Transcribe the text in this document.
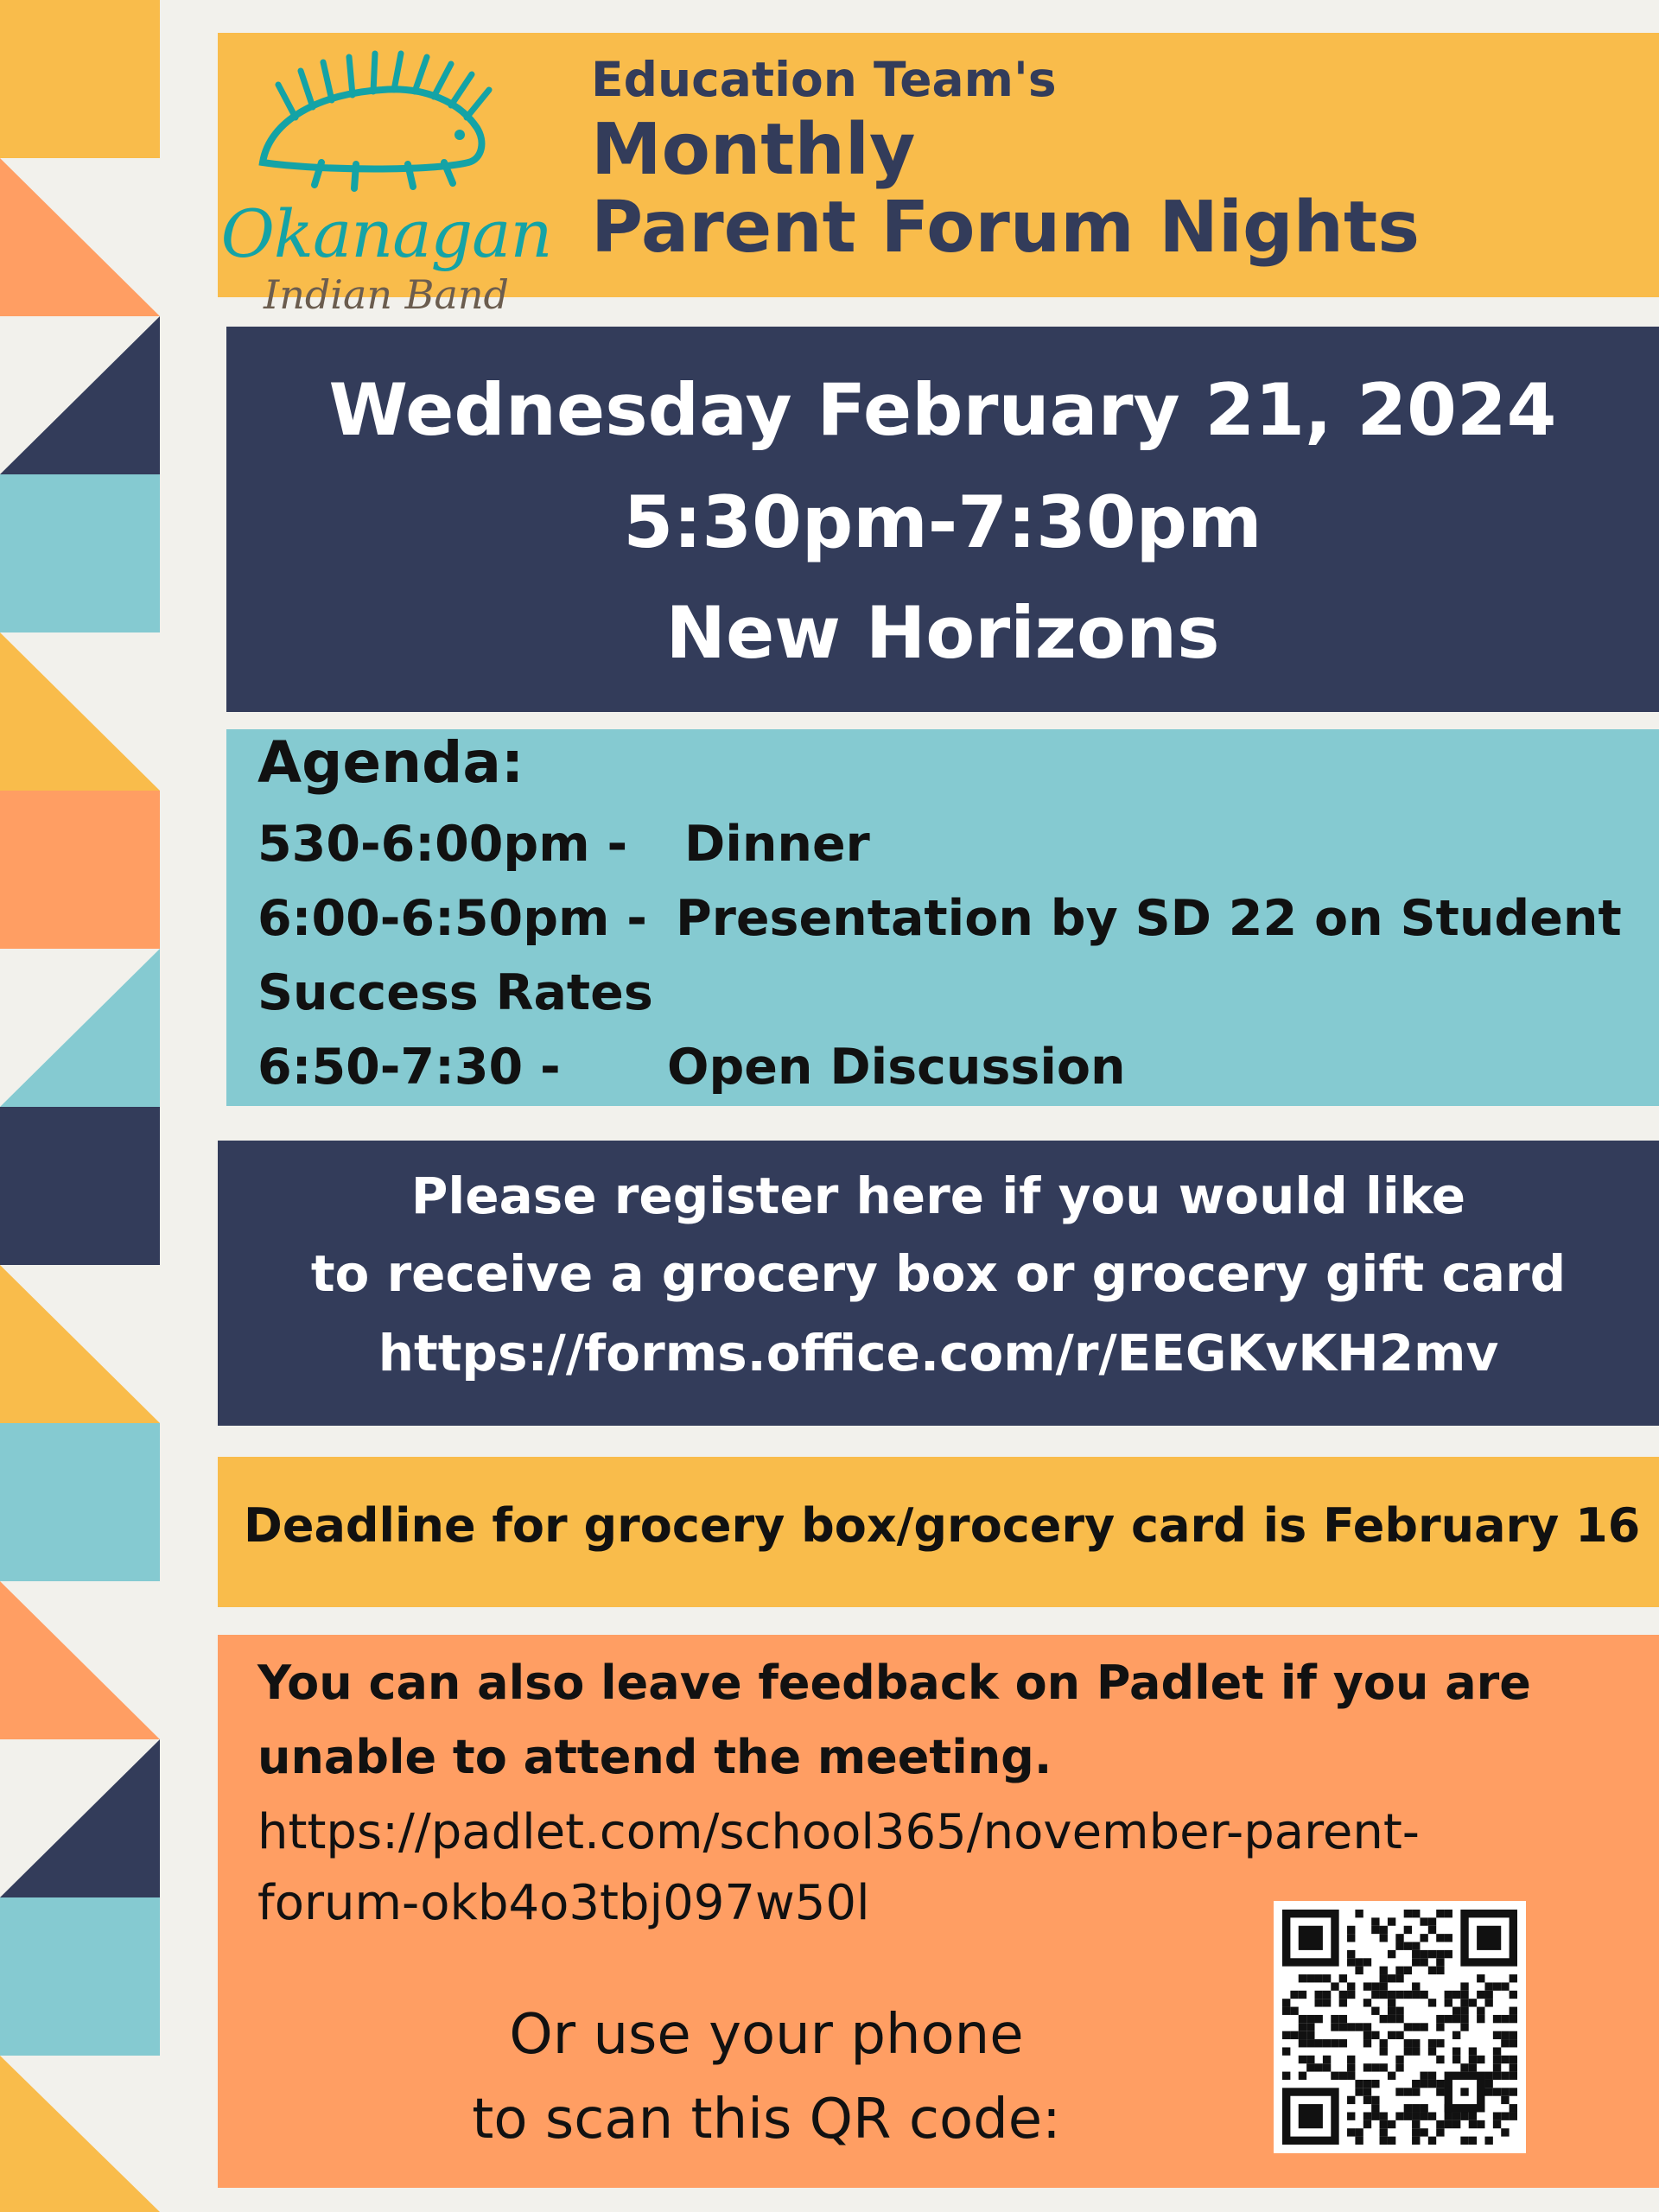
Okanagan
Indian Band
Education Team's
Monthly
Parent Forum Nights
Wednesday February 21, 2024
5:30pm-7:30pm
New Horizons
Agenda:
530-6:00pm - Dinner
6:00-6:50pm - Presentation by SD 22 on Student
Success Rates
6:50-7:30 - Open Discussion
Please register here if you would like
to receive a grocery box or grocery gift card
https://forms.office.com/r/EEGKvKH2mv
Deadline for grocery box/grocery card is February 16
You can also leave feedback on Padlet if you are
unable to attend the meeting.
https://padlet.com/school365/november-parent-
forum-okb4o3tbj097w50l
Or use your phone
to scan this QR code:
